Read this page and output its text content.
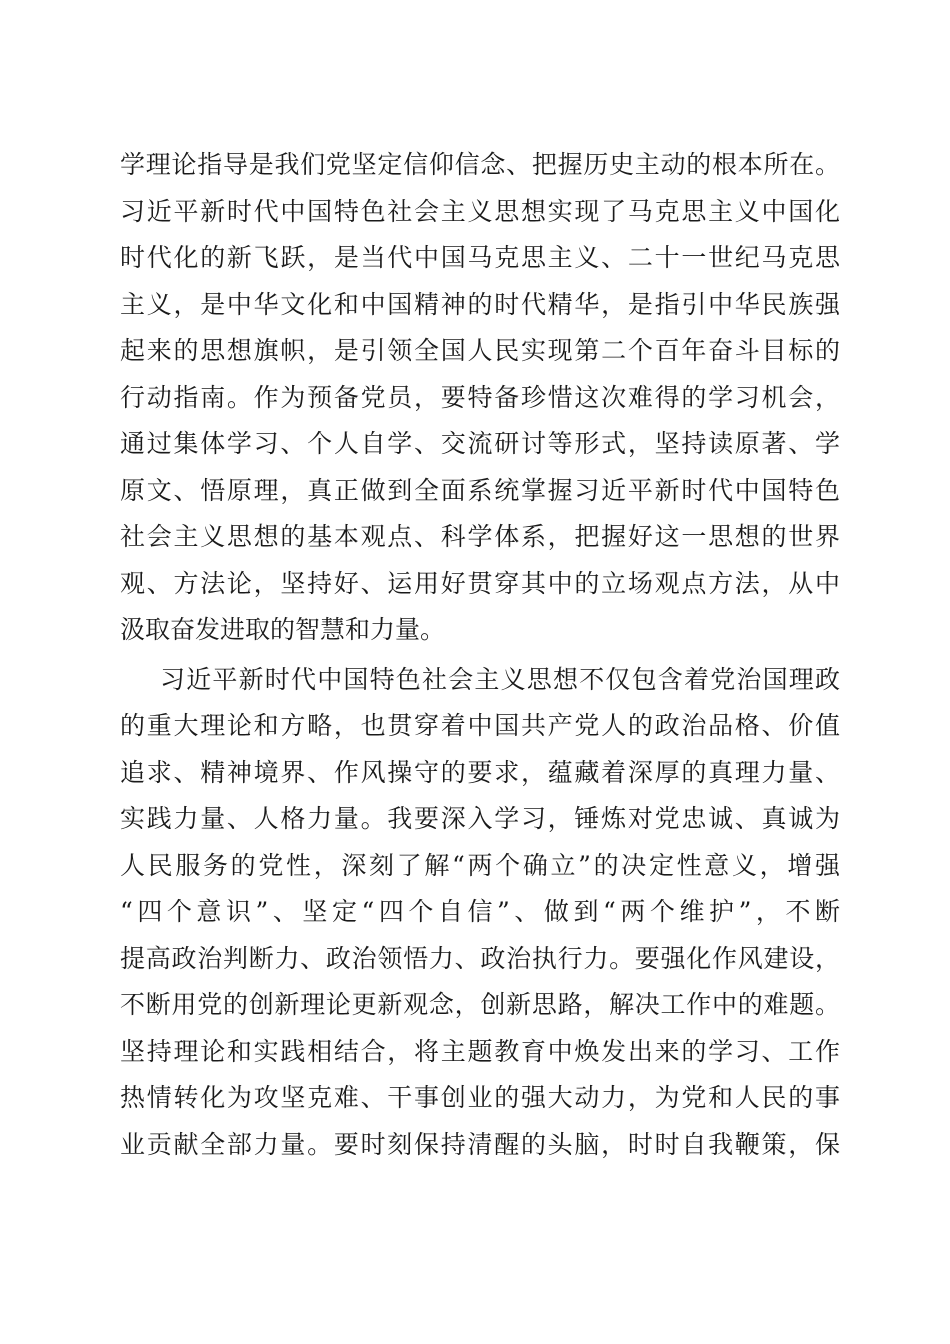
学理论指导是我们党坚定信仰信念、把握历史主动的根本所在。
习近平新时代中国特色社会主义思想实现了马克思主义中国化
时代化的新飞跃，是当代中国马克思主义、二十一世纪马克思
主义，是中华文化和中国精神的时代精华，是指引中华民族强
起来的思想旗帜，是引领全国人民实现第二个百年奋斗目标的
行动指南。作为预备党员，要特备珍惜这次难得的学习机会，
通过集体学习、个人自学、交流研讨等形式，坚持读原著、学
原文、悟原理，真正做到全面系统掌握习近平新时代中国特色
社会主义思想的基本观点、科学体系，把握好这一思想的世界
观、方法论，坚持好、运用好贯穿其中的立场观点方法，从中
汲取奋发进取的智慧和力量。
习近平新时代中国特色社会主义思想不仅包含着党治国理政
的重大理论和方略，也贯穿着中国共产党人的政治品格、价值
追求、精神境界、作风操守的要求，蕴藏着深厚的真理力量、
实践力量、人格力量。我要深入学习，锤炼对党忠诚、真诚为
人民服务的党性，深刻了解“两个确立”的决定性意义，增强
“四个意识”、坚定“四个自信”、做到“两个维护”，不断
提高政治判断力、政治领悟力、政治执行力。要强化作风建设，
不断用党的创新理论更新观念，创新思路，解决工作中的难题。
坚持理论和实践相结合，将主题教育中焕发出来的学习、工作
热情转化为攻坚克难、干事创业的强大动力，为党和人民的事
业贡献全部力量。要时刻保持清醒的头脑，时时自我鞭策，保
